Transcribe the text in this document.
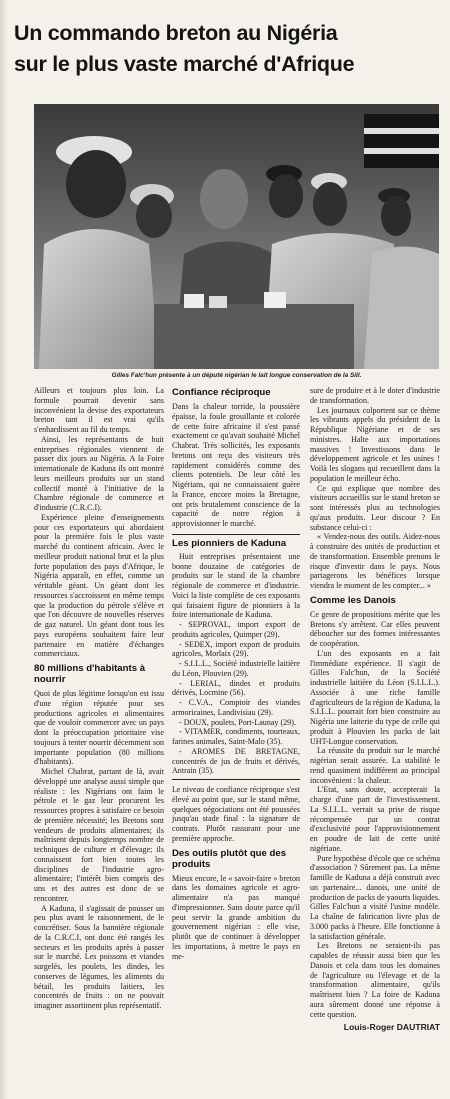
Un commando breton au Nigéria
sur le plus vaste marché d'Afrique
Gilles Falc'hun présente à un député nigérian le lait longue conservation de la Sill.

Ailleurs et toujours plus loin. La formule pourrait devenir sans inconvénient la devise des exportateurs breton tant il est vrai qu'ils s'enhardissent au fil du temps.

Ainsi, les représentants de huit entreprises régionales viennent de passer dix jours au Nigéria. A la Foire internationale de Kaduna ils ont montré leurs meilleurs produits sur un stand collectif monté à l'initiative de la Chambre régionale de commerce et d'industrie (C.R.C.I).

Expérience pleine d'enseignements pour ces exportateurs qui abordaient pour la première fois le plus vaste marché du continent africain. Avec le meilleur produit national brut et la plus forte population des pays d'Afrique, le Nigéria apparaît, en effet, comme un véritable géant. Un géant dont les ressources s'accroissent en même temps que la production du pétrole s'élève et que l'on découvre de nouvelles réserves de gaz naturel. Un géant dont tous les pays européens souhaitent faire leur partenaire en matière d'échanges commerciaux.

80 millions d'habitants à nourrir

Quoi de plus légitime lorsqu'on est issu d'une région réputée pour ses productions agricoles et alimentaires que de vouloir commercer avec un pays dont la préoccupation prioritaire vise toujours à tenter nourrir décemment son importante population (80 millions d'habitants).

Michel Chabrat, partant de là, avait développé une analyse aussi simple que réaliste : les Nigérians ont faim le pétrole et le gaz leur procurent les ressources propres à satisfaire ce besoin de première nécessité; les Bretons sont vendeurs de produits alimentaires; ils maîtrisent depuis longtemps nombre de techniques de culture et d'élevage; ils connaissent fort bien toutes les disciplines de l'industrie agro-alimentaire; l'intérêt bien compris des uns et des autres est donc de se rencontrer.

A Kaduna, il s'agissait de pousser un peu plus avant le raisonnement, de le concrétiser. Sous la bannière régionale de la C.R.C.I, ont donc été rangés les secteurs et les produits après à passer sur le marché. Les poissons et viandes surgelés, les poulets, les dindes, les conserves de légumes, les aliments du bétail, les produits laitiers, les concentrés de fruits : on ne pouvait imaginer assortiment plus représentatif.

Confiance réciproque

Dans la chaleur torride, la poussière épaisse, la foule grouillante et colorée de cette foire africaine il s'est passé exactement ce qu'avait souhaité Michel Chabrat. Très sollicités, les exposants bretons ont reçu des visiteurs très rapidement considérés comme des clients potentiels. De leur côté les Nigérians, qui ne connaissaient guère la France, encore moins la Bretagne, ont pris brutalement conscience de la capacité de notre région à approvisionner le marché.

Les pionniers de Kaduna

Huit entreprises présentaient une bonne douzaine de catégories de produits sur le stand de la chambre régionale de commerce et d'industrie. Voici la liste complète de ces exposants qui faisaient figure de pionniers à la foire internationale de Kaduna.

- SEPROVAL, import export de produits agricoles, Quimper (29).
- SEDEX, import export de produits agricoles, Morlaix (29).
- S.I.L.L., Société industrielle laitière du Léon, Plouvien (29).
- LERIAL, dindes et produits dérivés, Locmine (56).
- C.V.A., Comptoir des viandes armoricaines, Landivisiau (29).
- DOUX, poulets, Port-Launay (29).
- VITAMER, condiments, tourteaux, farines animales, Saint-Malo (35).
- AROMES DE BRETAGNE, concentrés de jus de fruits et dérivés, Antrain (35).

Le niveau de confiance réciproque s'est élevé au point que, sur le stand même, quelques négociations ont été poussées jusqu'au stade final : la signature de contrats. Plutôt rassurant pour une première approche.

Des outils plutôt que des produits

Mieux encore, le « savoir-faire » breton dans les domaines agricole et agro-alimentaire n'a pas manqué d'impressionner. Sans doute parce qu'il peut servir la grande ambition du gouvernement nigérian : elle vise, plutôt que de continuer à développer les importations, à mettre le pays en me-

sure de produire et à le doter d'industrie de transformation.

Les journaux colportent sur ce thème les vibrants appels du président de la République Nigériane et de ses ministres. Halte aux importations massives ! Investissons dans le développement agricole et les usines ! Voilà les slogans qui recueillent dans la population le meilleur écho.

Ce qui explique que nombre des visiteurs accueillis sur le stand breton se sont intéressés plus au technologies qu'aux produits. Leur discour ? En substance celui-ci :

« Vendez-nous des outils. Aidez-nous à construire des unités de production et de transformation. Ensemble prenons le risque d'investir dans le pays. Nous partagerons les bénéfices lorsque viendra le moment de les compter... »

Comme les Danois

Ce genre de propositions mérite que les Bretons s'y arrêtent. Car elles peuvent déboucher sur des formes intéressantes de coopération.

L'un des exposants en a fait l'immédiate expérience. Il s'agit de Gilles Falc'hun, de la Société industrielle laitière du Léon (S.I.L.L.). Associée à une riche famille d'agriculteurs de la région de Kaduna, la S.I.L.L. pourrait fort bien construire au Nigéria une laiterie du type de celle qui produit à Plouvien les packs de lait UHT-Longue conservation.

La réussite du produit sur le marché nigérian serait assurée. La stabilité le rend quasiment indifférent au principal inconvénient : la chaleur.

L'Etat, sans doute, accepterait la charge d'une part de l'investissement. La S.I.L.L. verrait sa prise de risque récompensée par un contrat d'exclusivité pour l'approvisionnement en poudre de lait de cette unité nigériane.

Pure hypothèse d'école que ce schéma d'association ? Sûrement pas. La même famille de Kaduna a déjà construit avec un partenaire... danois, une unité de production de packs de yaourts liquides. Gilles Falc'hun a visité l'usine modèle. La chaîne de fabrication livre plus de 3.000 packs à l'heure. Elle fonctionne à la satisfaction générale.

Les Bretons ne seraient-ils pas capables de réussir aussi bien que les Danois et cela dans tous les domaines de l'agriculture ou l'élevage et de la transformation alimentaire, qu'ils maîtrisent bien ? La foire de Kaduna aura sûrement donné une réponse à cette question.

Louis-Roger DAUTRIAT
